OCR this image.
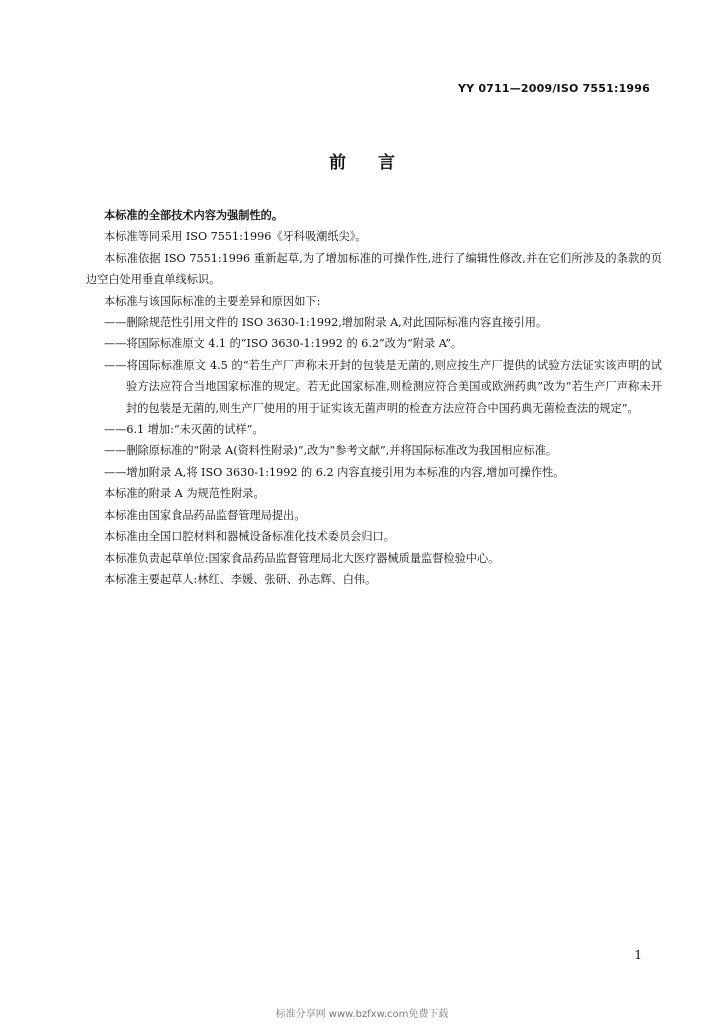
YY 0711—2009/ISO 7551:1996
前 言

本标准的全部技术内容为强制性的。

本标准等同采用 ISO 7551:1996《牙科吸潮纸尖》。

本标准依据 ISO 7551:1996 重新起草,为了增加标准的可操作性,进行了编辑性修改,并在它们所涉及的条款的页边空白处用垂直单线标识。

本标准与该国际标准的主要差异和原因如下:

——删除规范性引用文件的 ISO 3630-1:1992,增加附录 A,对此国际标准内容直接引用。

——将国际标准原文 4.1 的“ISO 3630-1:1992 的 6.2”改为“附录 A”。

——将国际标准原文 4.5 的“若生产厂声称未开封的包装是无菌的,则应按生产厂提供的试验方法证实该声明的试验方法应符合当地国家标准的规定。若无此国家标准,则检测应符合美国或欧洲药典”改为“若生产厂声称未开封的包装是无菌的,则生产厂使用的用于证实该无菌声明的检查方法应符合中国药典无菌检查法的规定”。

——6.1 增加:“未灭菌的试样”。

——删除原标准的“附录 A(资料性附录)”,改为“参考文献”,并将国际标准改为我国相应标准。

——增加附录 A,将 ISO 3630-1:1992 的 6.2 内容直接引用为本标准的内容,增加可操作性。

本标准的附录 A 为规范性附录。

本标准由国家食品药品监督管理局提出。

本标准由全国口腔材料和器械设备标准化技术委员会归口。

本标准负责起草单位:国家食品药品监督管理局北大医疗器械质量监督检验中心。

本标准主要起草人:林红、李媛、张研、孙志辉、白伟。

1
标准分享网 www.bzfxw.com免费下载
